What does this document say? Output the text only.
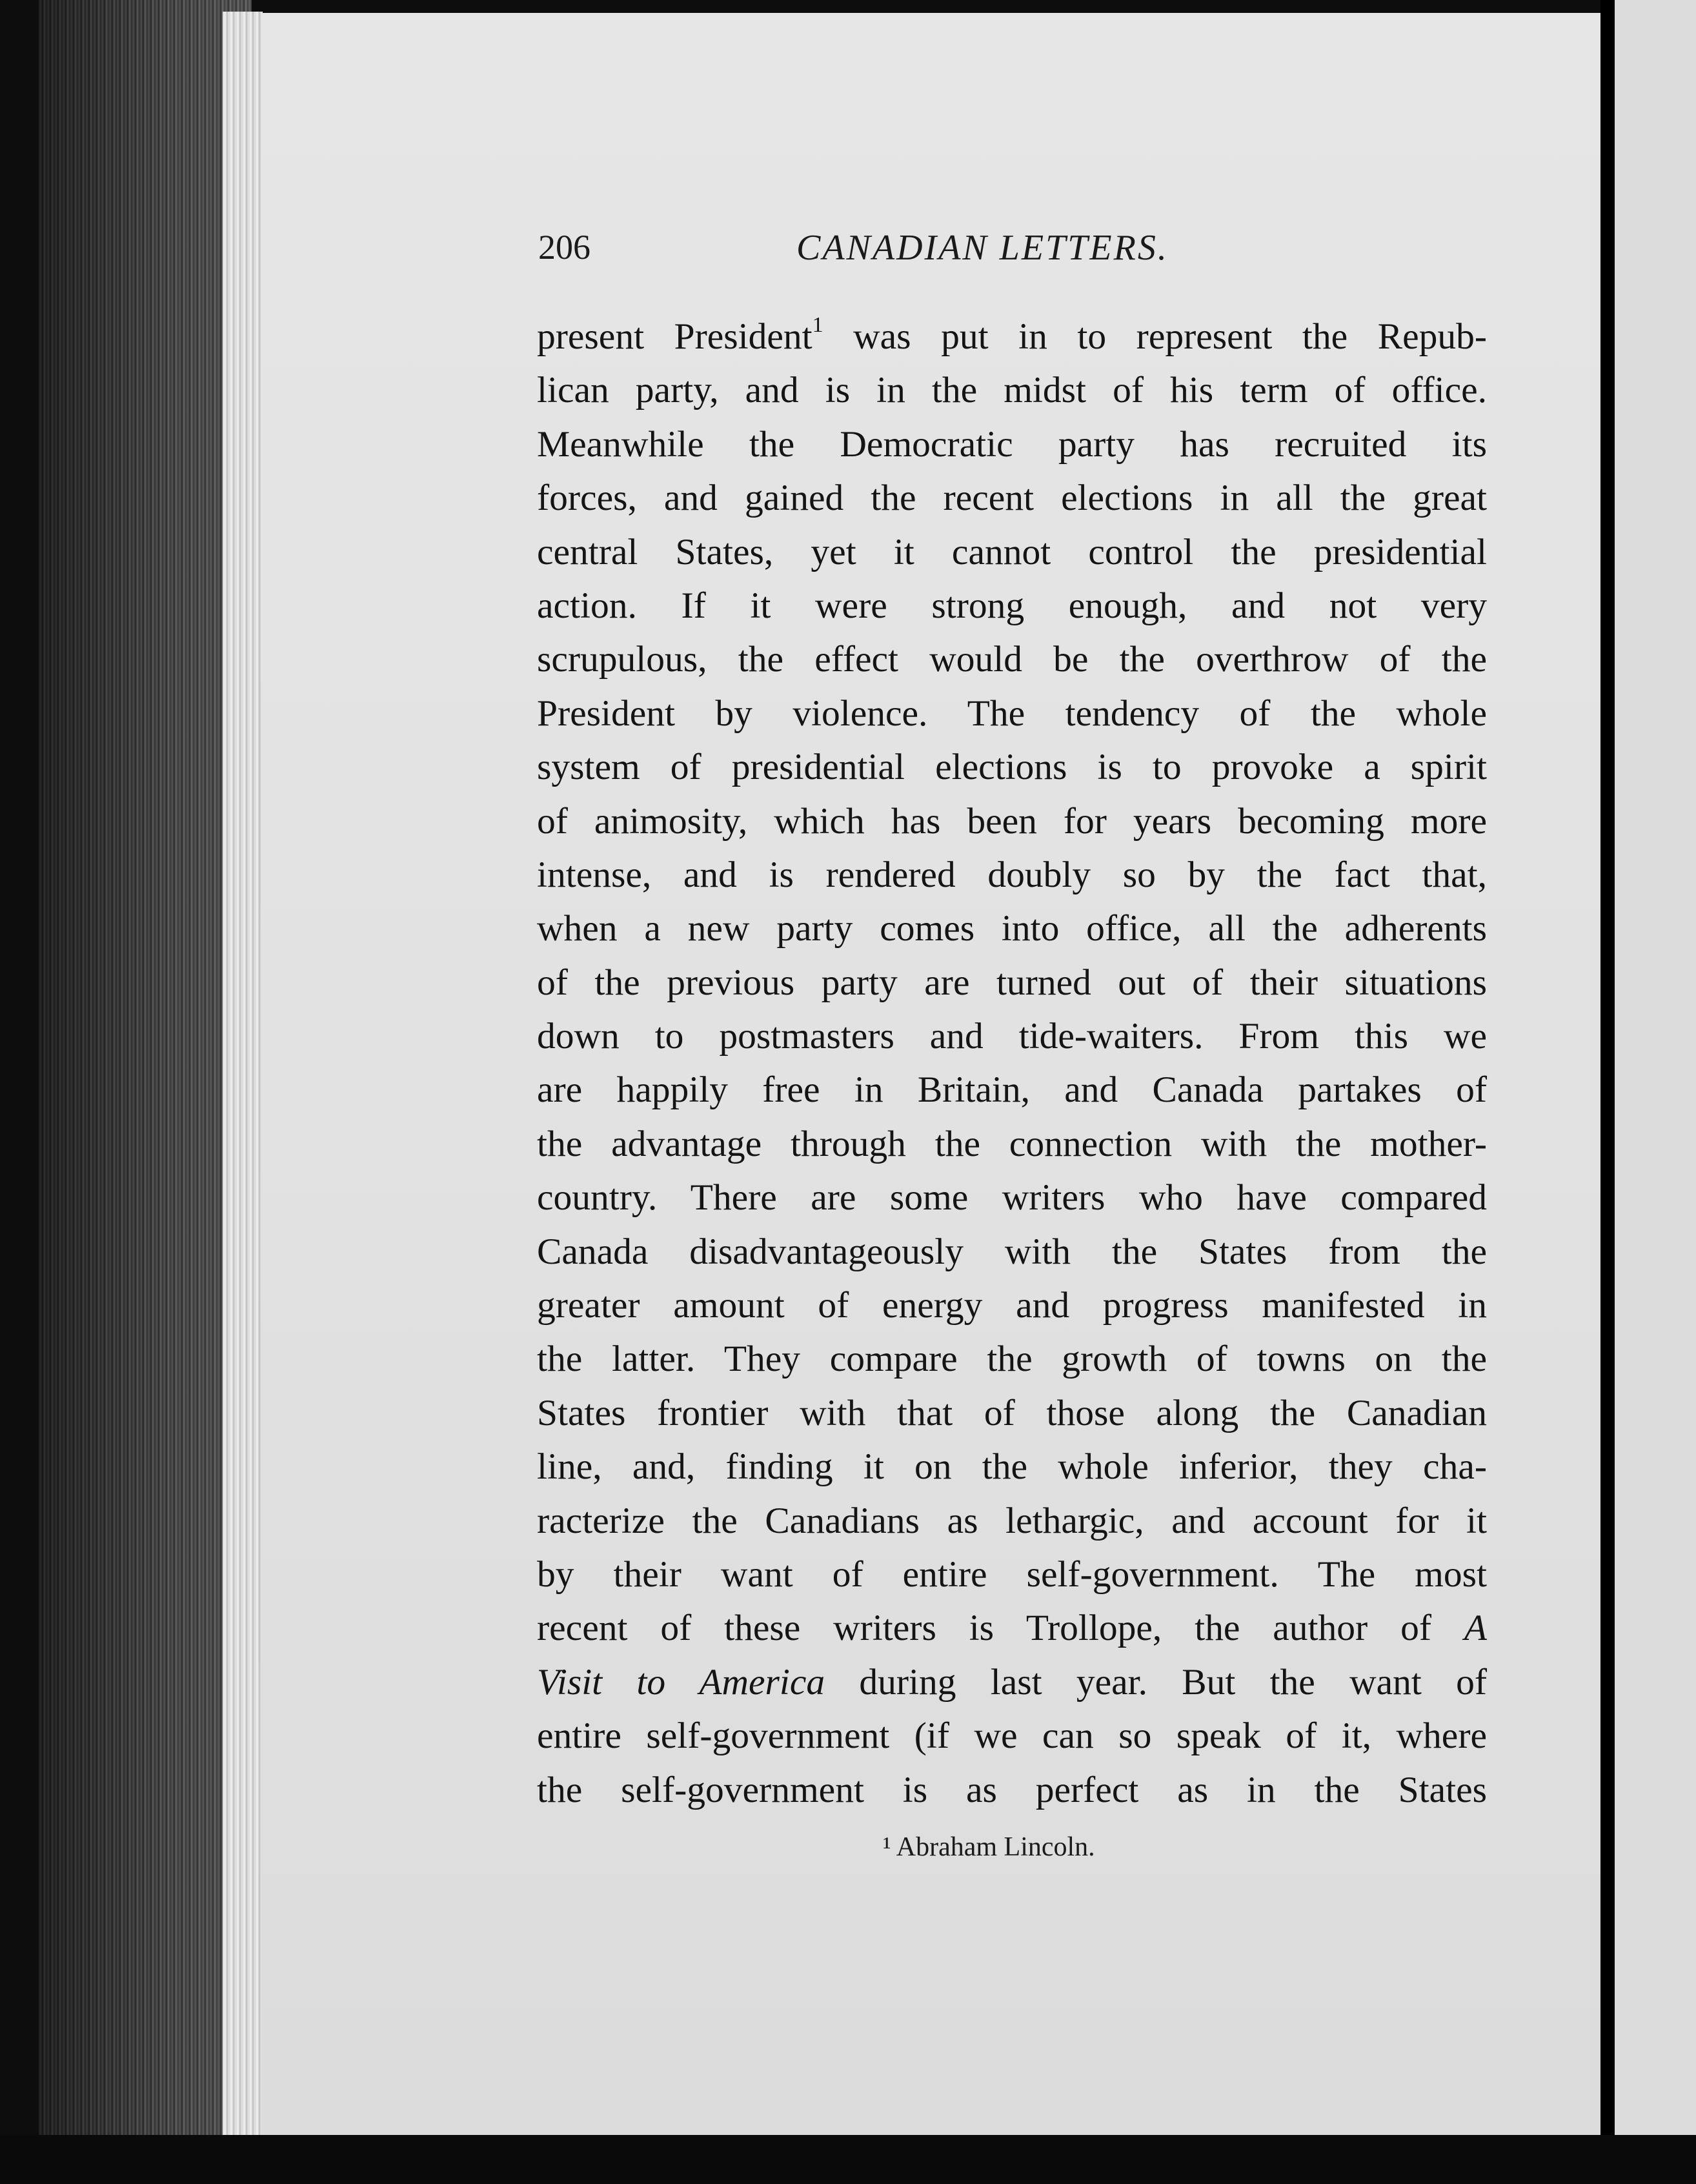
206	CANADIAN LETTERS.
present President$^1$ was put in to represent the Repub-
lican party, and is in the midst of his term of office.
Meanwhile the Democratic party has recruited its
forces, and gained the recent elections in all the great
central States, yet it cannot control the presidential
action. If it were strong enough, and not very
scrupulous, the effect would be the overthrow of the
President by violence. The tendency of the whole
system of presidential elections is to provoke a spirit
of animosity, which has been for years becoming more
intense, and is rendered doubly so by the fact that,
when a new party comes into office, all the adherents
of the previous party are turned out of their situations
down to postmasters and tide-waiters. From this we
are happily free in Britain, and Canada partakes of
the advantage through the connection with the mother-
country. There are some writers who have compared
Canada disadvantageously with the States from the
greater amount of energy and progress manifested in
the latter. They compare the growth of towns on the
States frontier with that of those along the Canadian
line, and, finding it on the whole inferior, they cha-
racterize the Canadians as lethargic, and account for it
by their want of entire self-government. The most
recent of these writers is Trollope, the author of A
Visit to America during last year. But the want of
entire self-government (if we can so speak of it, where
the self-government is as perfect as in the States
¹ Abraham Lincoln.
